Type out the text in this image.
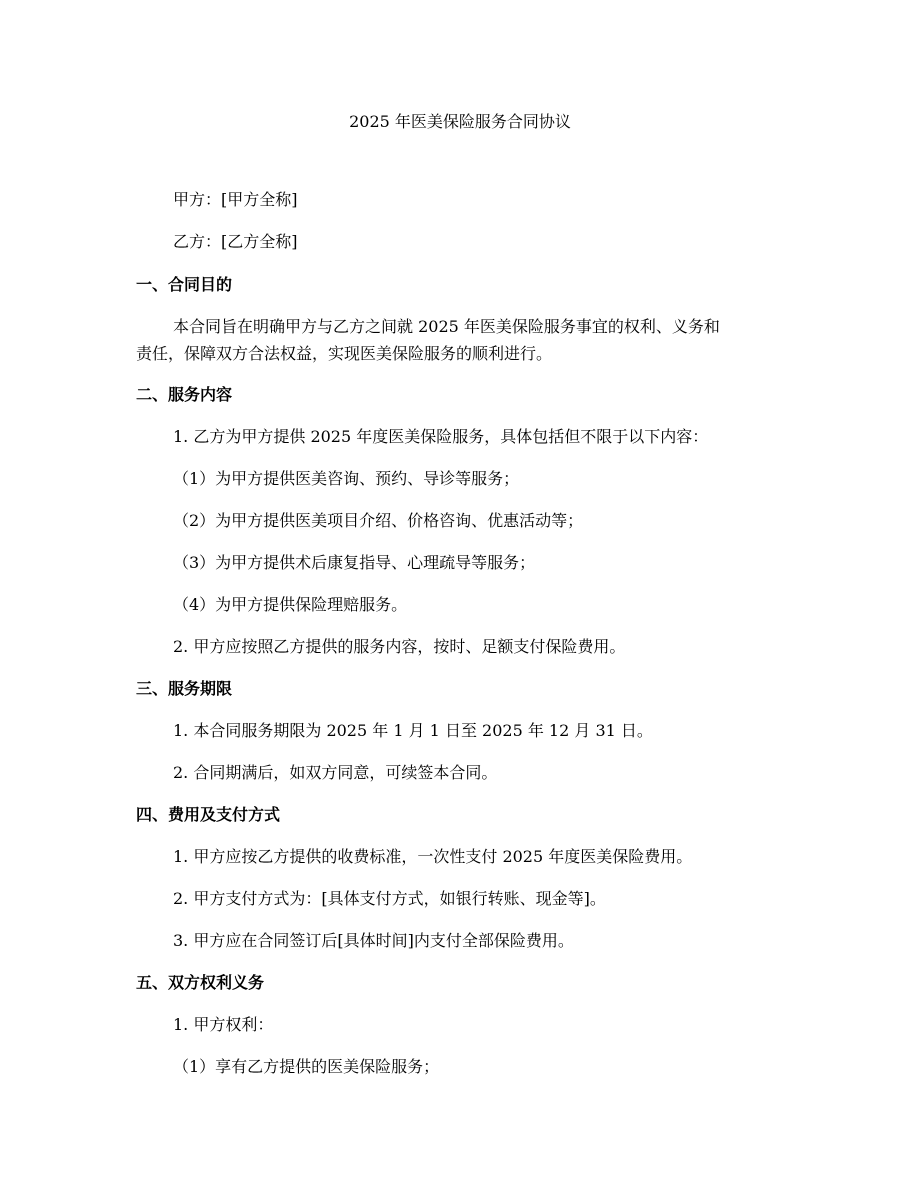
2025 年医美保险服务合同协议
甲方：[甲方全称]
乙方：[乙方全称]
一、合同目的
本合同旨在明确甲方与乙方之间就 2025 年医美保险服务事宜的权利、义务和
责任，保障双方合法权益，实现医美保险服务的顺利进行。
二、服务内容
1. 乙方为甲方提供 2025 年度医美保险服务，具体包括但不限于以下内容：
（1）为甲方提供医美咨询、预约、导诊等服务；
（2）为甲方提供医美项目介绍、价格咨询、优惠活动等；
（3）为甲方提供术后康复指导、心理疏导等服务；
（4）为甲方提供保险理赔服务。
2. 甲方应按照乙方提供的服务内容，按时、足额支付保险费用。
三、服务期限
1. 本合同服务期限为 2025 年 1 月 1 日至 2025 年 12 月 31 日。
2. 合同期满后，如双方同意，可续签本合同。
四、费用及支付方式
1. 甲方应按乙方提供的收费标准，一次性支付 2025 年度医美保险费用。
2. 甲方支付方式为：[具体支付方式，如银行转账、现金等]。
3. 甲方应在合同签订后[具体时间]内支付全部保险费用。
五、双方权利义务
1. 甲方权利：
（1）享有乙方提供的医美保险服务；
